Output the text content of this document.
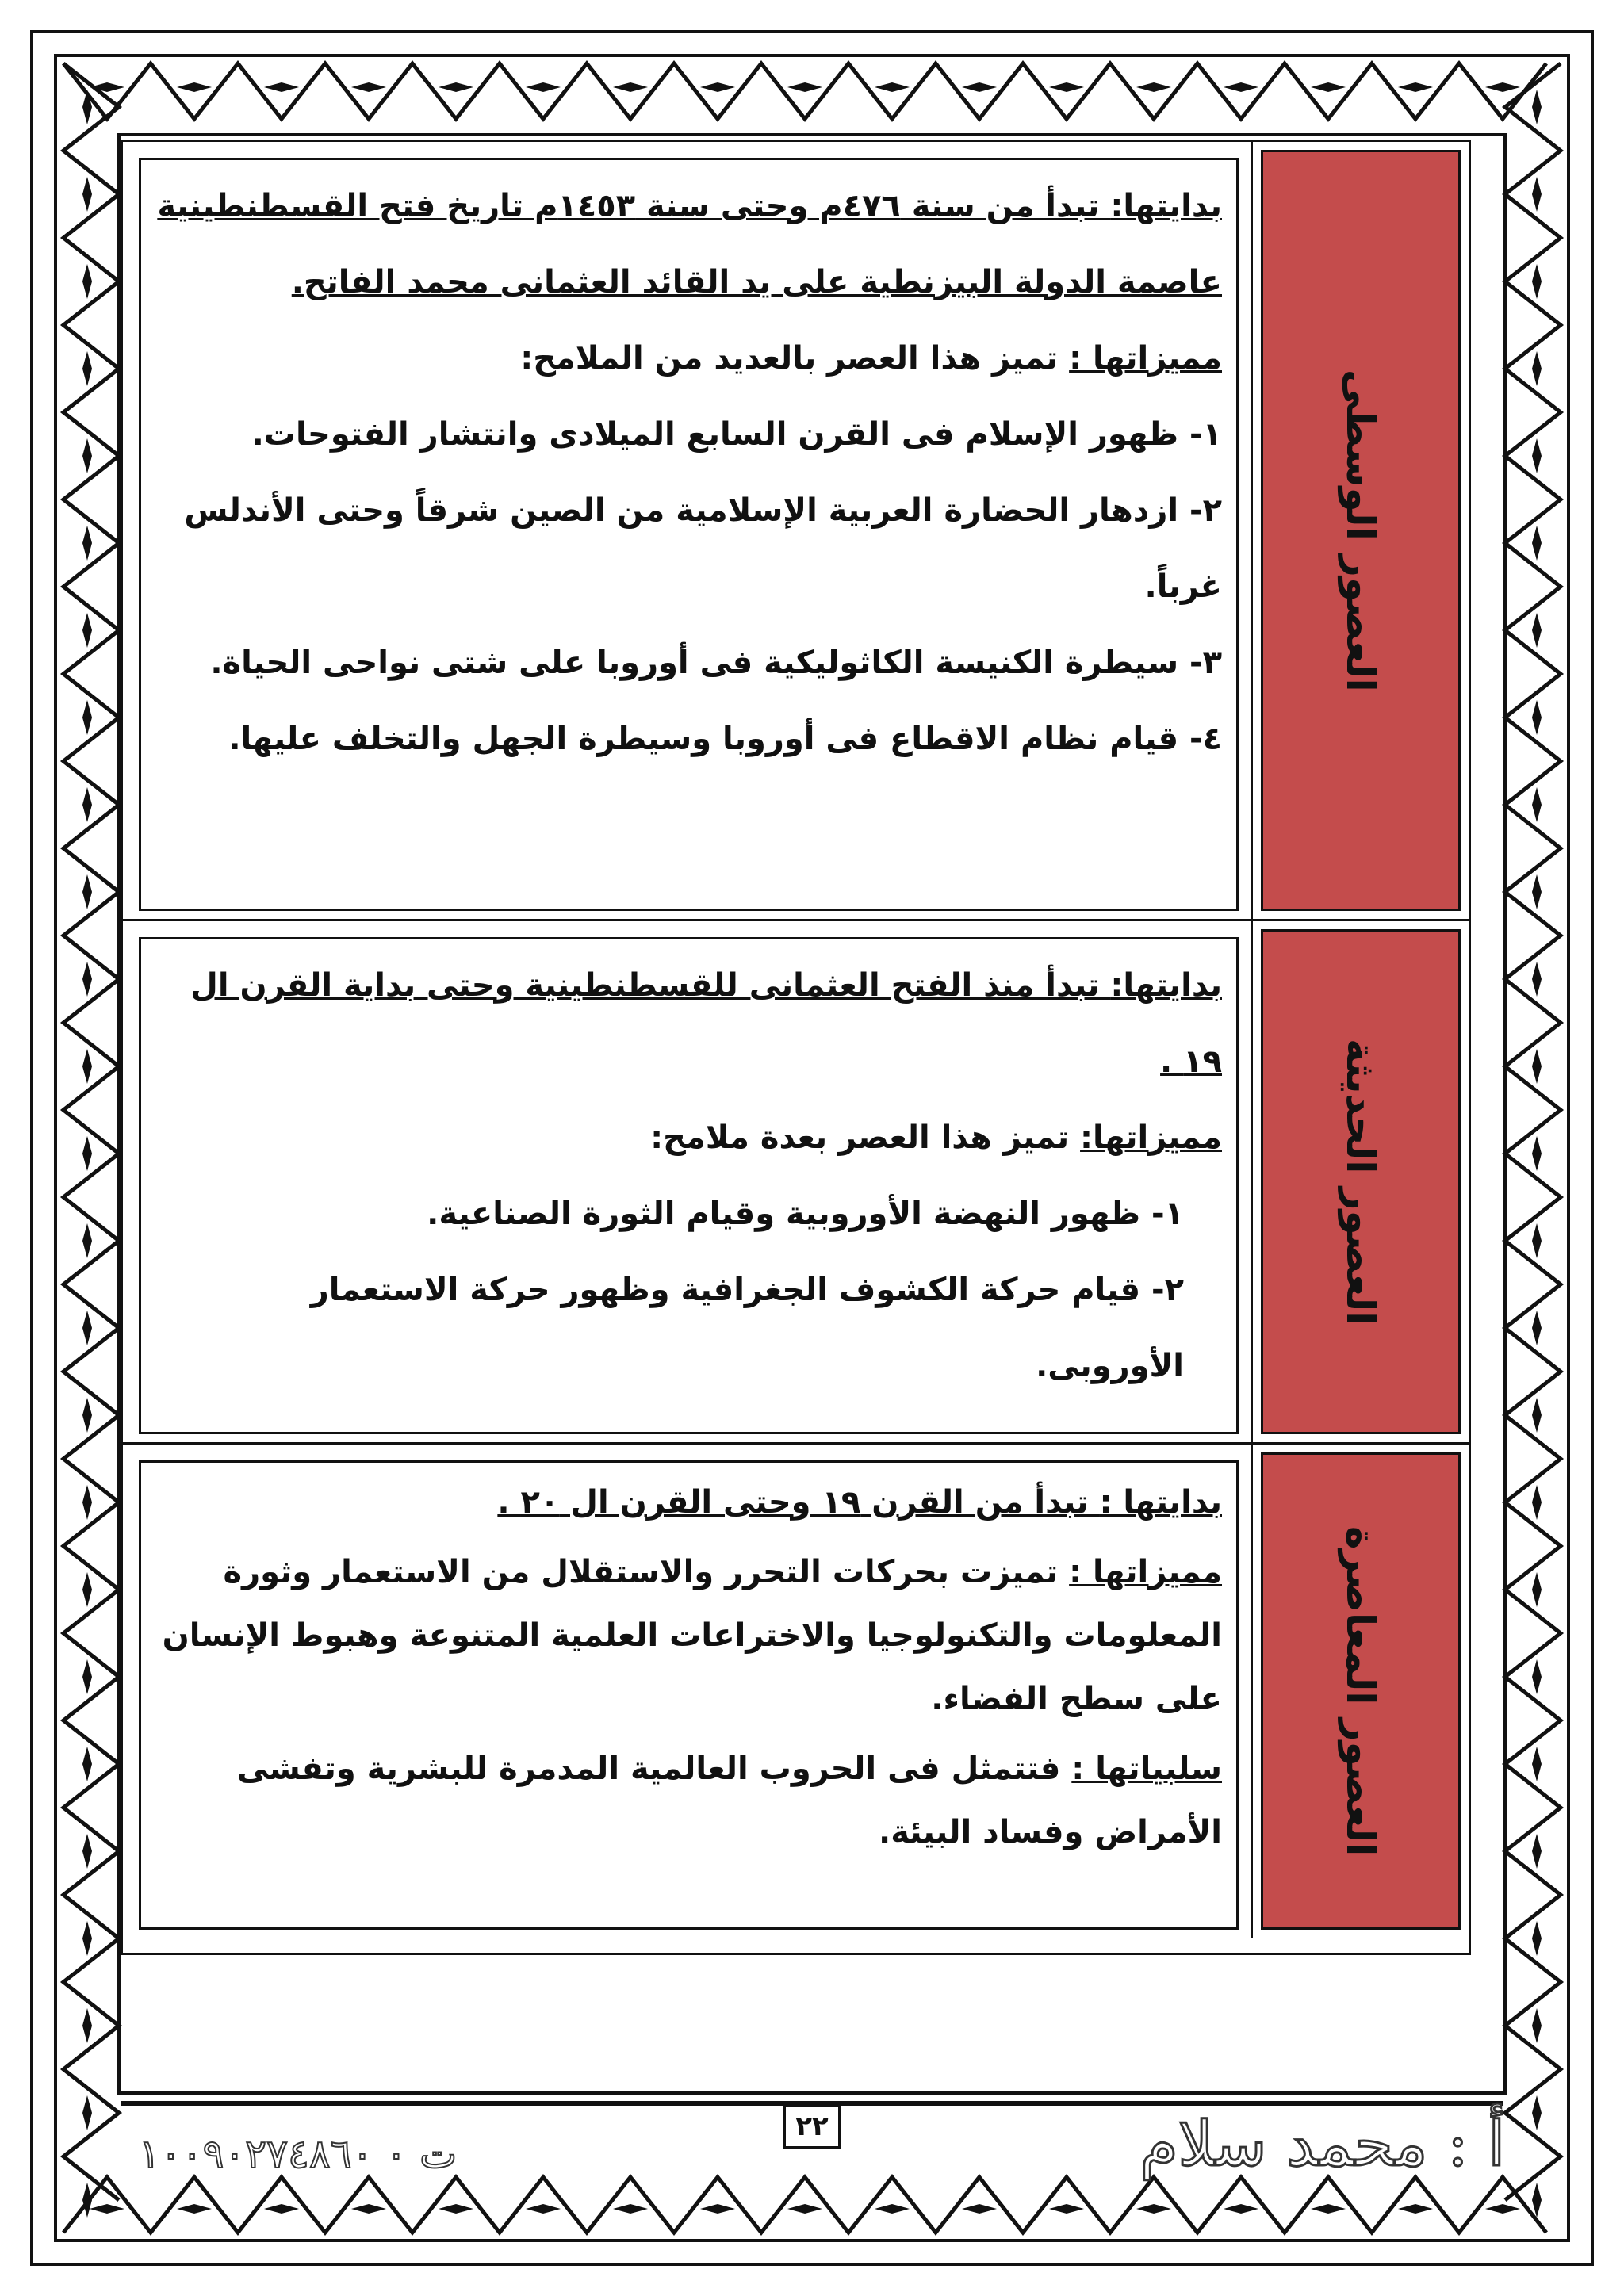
بدايتها: تبدأ من سنة ٤٧٦م وحتى سنة ١٤٥٣م تاريخ فتح القسطنطينية عاصمة الدولة البيزنطية على يد القائد العثمانى محمد الفاتح.

مميزاتها : تميز هذا العصر بالعديد من الملامح:

١- ظهور الإسلام فى القرن السابع الميلادى وانتشار الفتوحات.

٢- ازدهار الحضارة العربية الإسلامية من الصين شرقاً وحتى الأندلس غرباً.

٣- سيطرة الكنيسة الكاثوليكية فى أوروبا على شتى نواحى الحياة.

٤- قيام نظام الاقطاع فى أوروبا وسيطرة الجهل والتخلف عليها.

العصور الوسطى

بدايتها: تبدأ منذ الفتح العثمانى للقسطنطينية وحتى بداية القرن ال ١٩ .

مميزاتها: تميز هذا العصر بعدة ملامح:

١- ظهور النهضة الأوروبية وقيام الثورة الصناعية.

٢- قيام حركة الكشوف الجغرافية وظهور حركة الاستعمار الأوروبى.

العصور الحديثة

بدايتها : تبدأ من القرن ١٩ وحتى القرن ال ٢٠ .

مميزاتها : تميزت بحركات التحرر والاستقلال من الاستعمار وثورة المعلومات والتكنولوجيا والاختراعات العلمية المتنوعة وهبوط الإنسان على سطح الفضاء.

سلبياتها : فتتمثل فى الحروب العالمية المدمرة للبشرية وتفشى الأمراض وفساد البيئة.	العصور المعاصرة
أ : محمد سلام
٢٢
ت ٠ ١٠٠٩٠٢٧٤٨٦٠
